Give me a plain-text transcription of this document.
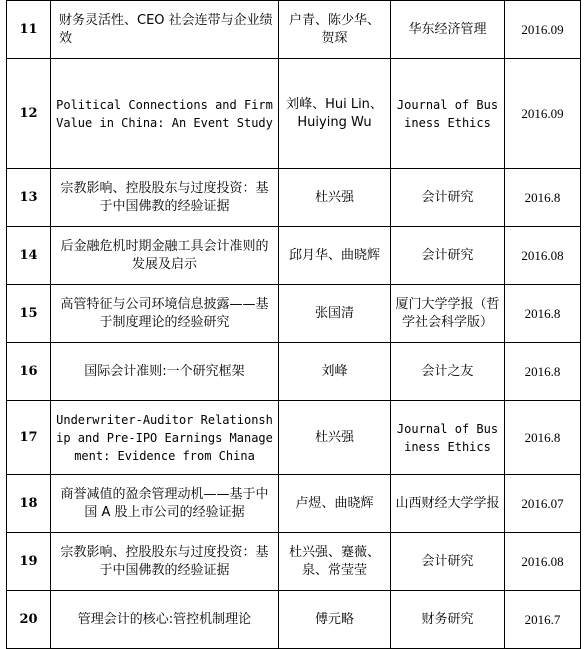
11	财务灵活性、CEO 社会连带与企业绩效	户青、陈少华、贺琛	华东经济管理	2016.09
12	Political Connections and Firm Value in China: An Event Study	刘峰、Hui Lin、 Huiying Wu	Journal of Business Ethics	2016.09
13	宗教影响、控股股东与过度投资：基于中国佛教的经验证据	杜兴强	会计研究	2016.8
14	后金融危机时期金融工具会计准则的发展及启示	邱月华、曲晓辉	会计研究	2016.08
15	高管特征与公司环境信息披露——基于制度理论的经验研究	张国清	厦门大学学报（哲学社会科学版）	2016.8
16	国际会计准则:一个研究框架	刘峰	会计之友	2016.8
17	Underwriter-Auditor Relationship and Pre-IPO Earnings Management: Evidence from China	杜兴强	Journal of Business Ethics	2016.8
18	商誉减值的盈余管理动机——基于中国 A 股上市公司的经验证据	卢煜、曲晓辉	山西财经大学学报	2016.07
19	宗教影响、控股股东与过度投资：基于中国佛教的经验证据	杜兴强、蹇薇、泉、常莹莹	会计研究	2016.08
20	管理会计的核心:管控机制理论	傅元略	财务研究	2016.7
